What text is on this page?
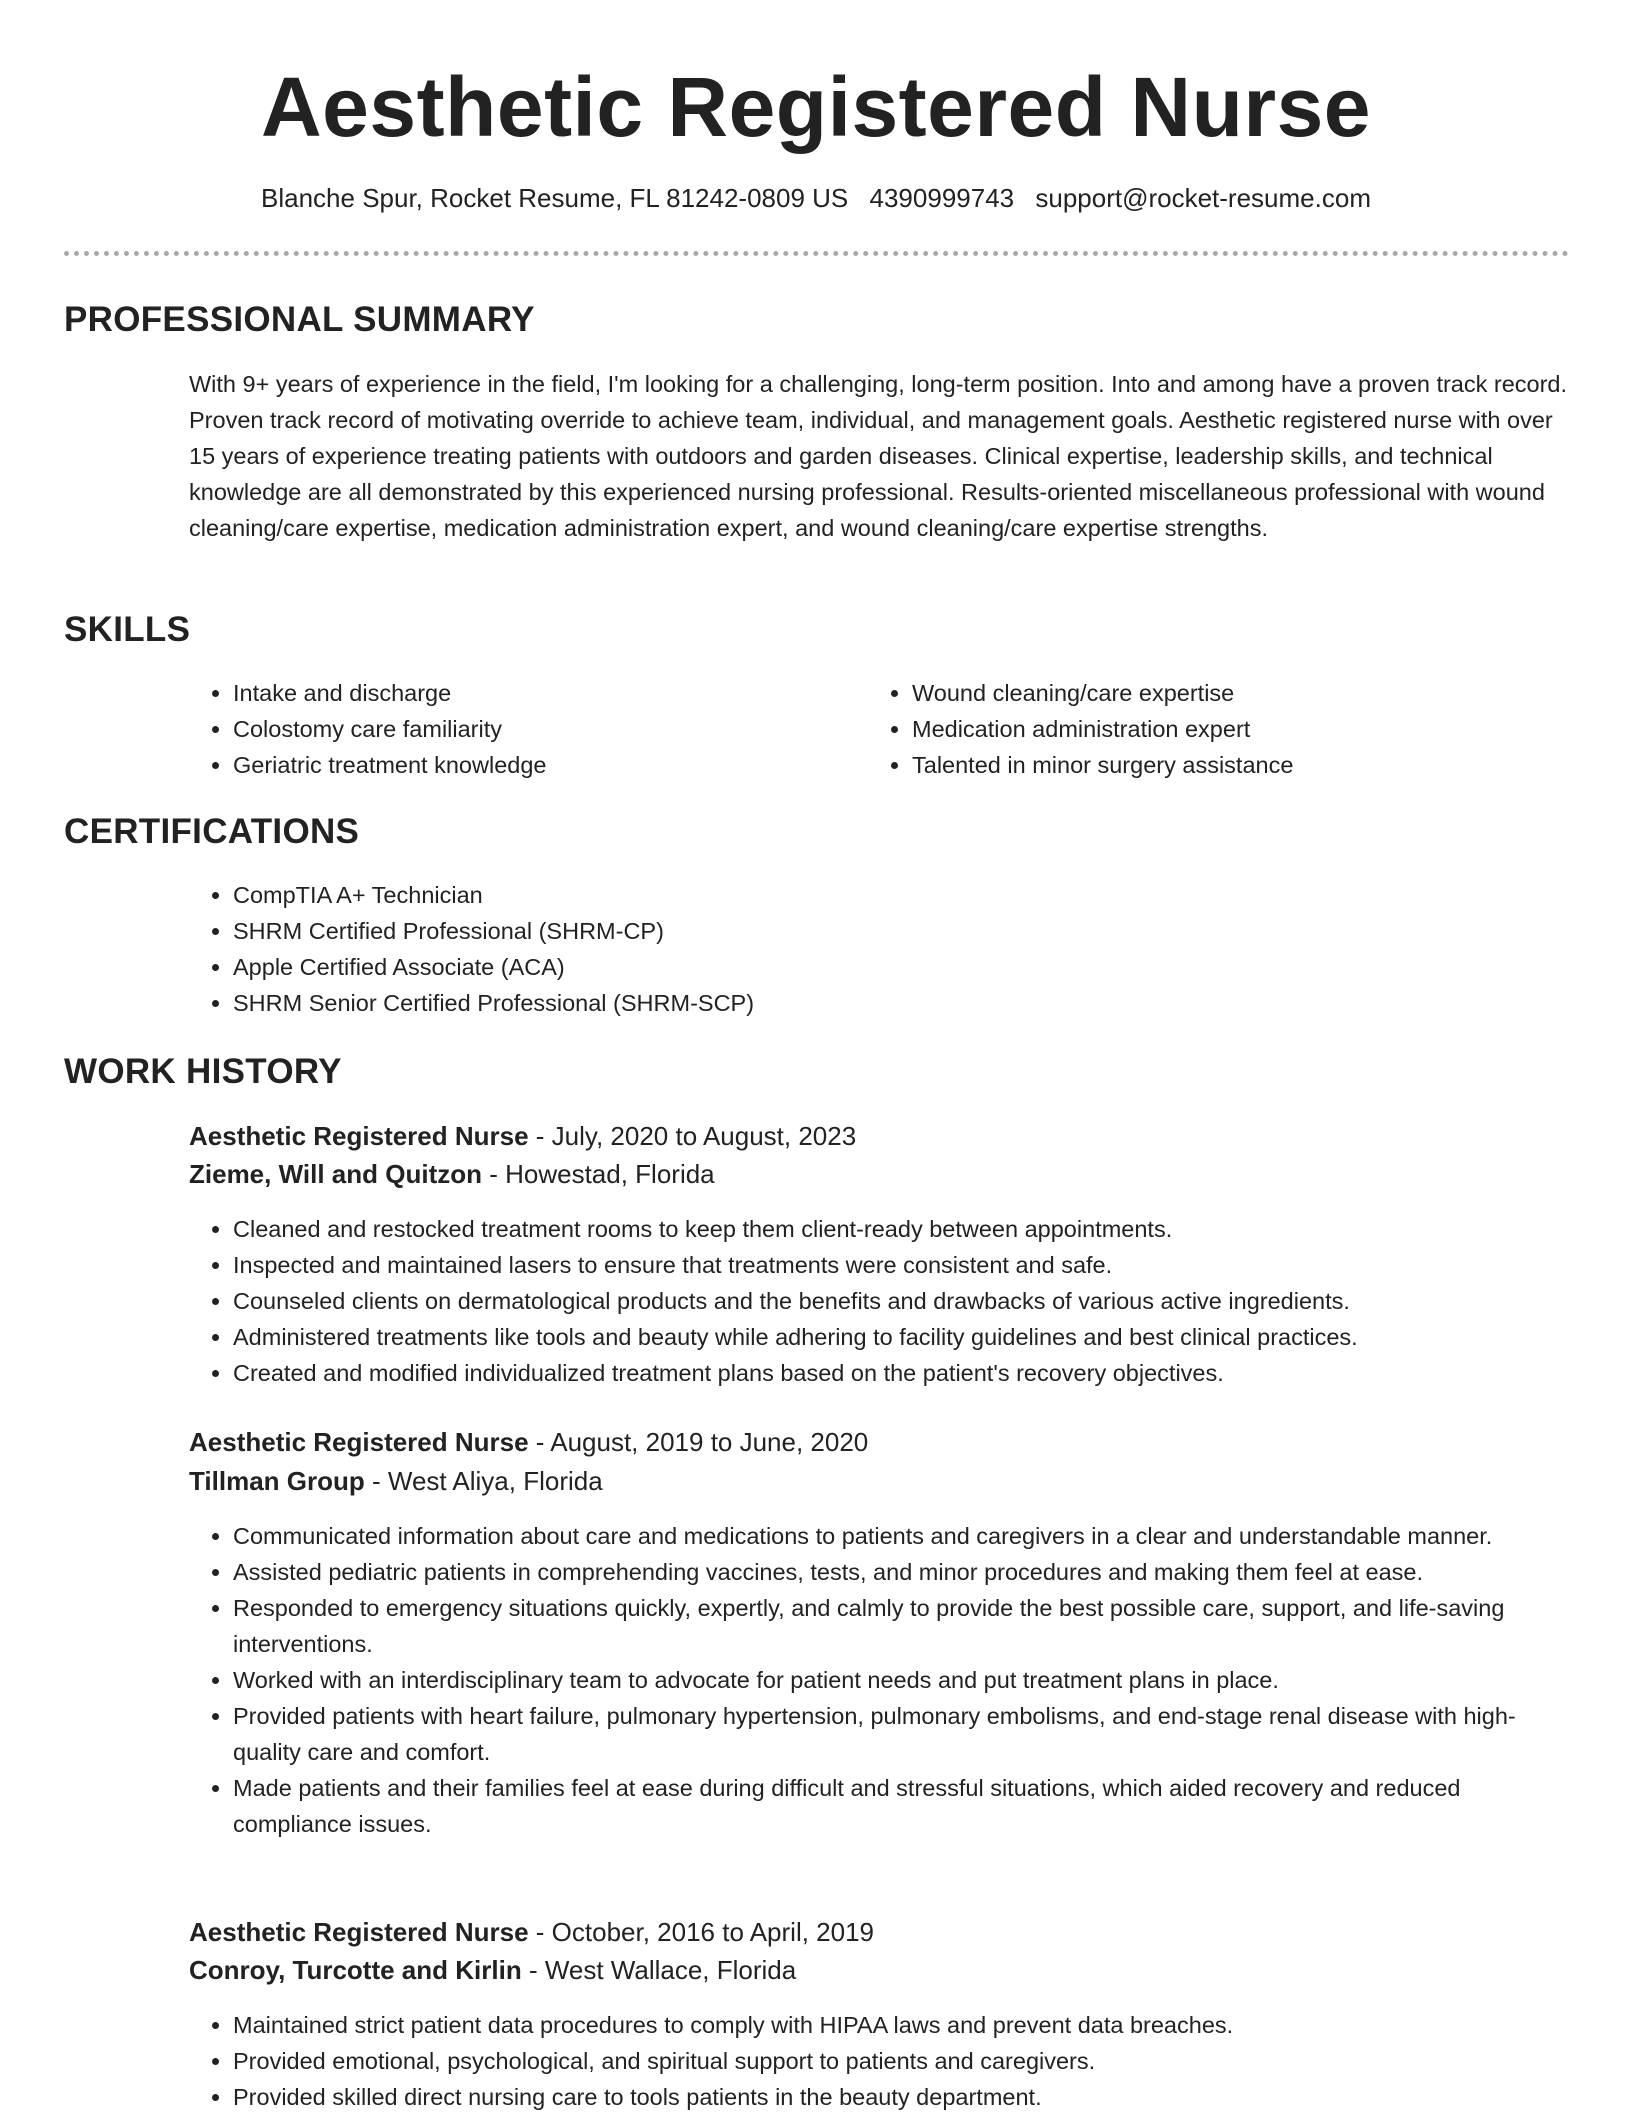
Aesthetic Registered Nurse
Blanche Spur, Rocket Resume, FL 81242-0809 US 4390999743 support@rocket-resume.com
PROFESSIONAL SUMMARY

With 9+ years of experience in the field, I'm looking for a challenging, long-term position. Into and among have a proven track record. Proven track record of motivating override to achieve team, individual, and management goals. Aesthetic registered nurse with over 15 years of experience treating patients with outdoors and garden diseases. Clinical expertise, leadership skills, and technical knowledge are all demonstrated by this experienced nursing professional. Results-oriented miscellaneous professional with wound cleaning/care expertise, medication administration expert, and wound cleaning/care expertise strengths.

SKILLS
• Intake and discharge
• Colostomy care familiarity
• Geriatric treatment knowledge
• Wound cleaning/care expertise
• Medication administration expert
• Talented in minor surgery assistance
CERTIFICATIONS
• CompTIA A+ Technician
• SHRM Certified Professional (SHRM-CP)
• Apple Certified Associate (ACA)
• SHRM Senior Certified Professional (SHRM-SCP)
WORK HISTORY
Aesthetic Registered Nurse - July, 2020 to August, 2023
Zieme, Will and Quitzon - Howestad, Florida
• Cleaned and restocked treatment rooms to keep them client-ready between appointments.
• Inspected and maintained lasers to ensure that treatments were consistent and safe.
• Counseled clients on dermatological products and the benefits and drawbacks of various active ingredients.
• Administered treatments like tools and beauty while adhering to facility guidelines and best clinical practices.
• Created and modified individualized treatment plans based on the patient's recovery objectives.
Aesthetic Registered Nurse - August, 2019 to June, 2020
Tillman Group - West Aliya, Florida
• Communicated information about care and medications to patients and caregivers in a clear and understandable manner.
• Assisted pediatric patients in comprehending vaccines, tests, and minor procedures and making them feel at ease.
• Responded to emergency situations quickly, expertly, and calmly to provide the best possible care, support, and life-saving interventions.
• Worked with an interdisciplinary team to advocate for patient needs and put treatment plans in place.
• Provided patients with heart failure, pulmonary hypertension, pulmonary embolisms, and end-stage renal disease with high-quality care and comfort.
• Made patients and their families feel at ease during difficult and stressful situations, which aided recovery and reduced compliance issues.
Aesthetic Registered Nurse - October, 2016 to April, 2019
Conroy, Turcotte and Kirlin - West Wallace, Florida
• Maintained strict patient data procedures to comply with HIPAA laws and prevent data breaches.
• Provided emotional, psychological, and spiritual support to patients and caregivers.
• Provided skilled direct nursing care to tools patients in the beauty department.
